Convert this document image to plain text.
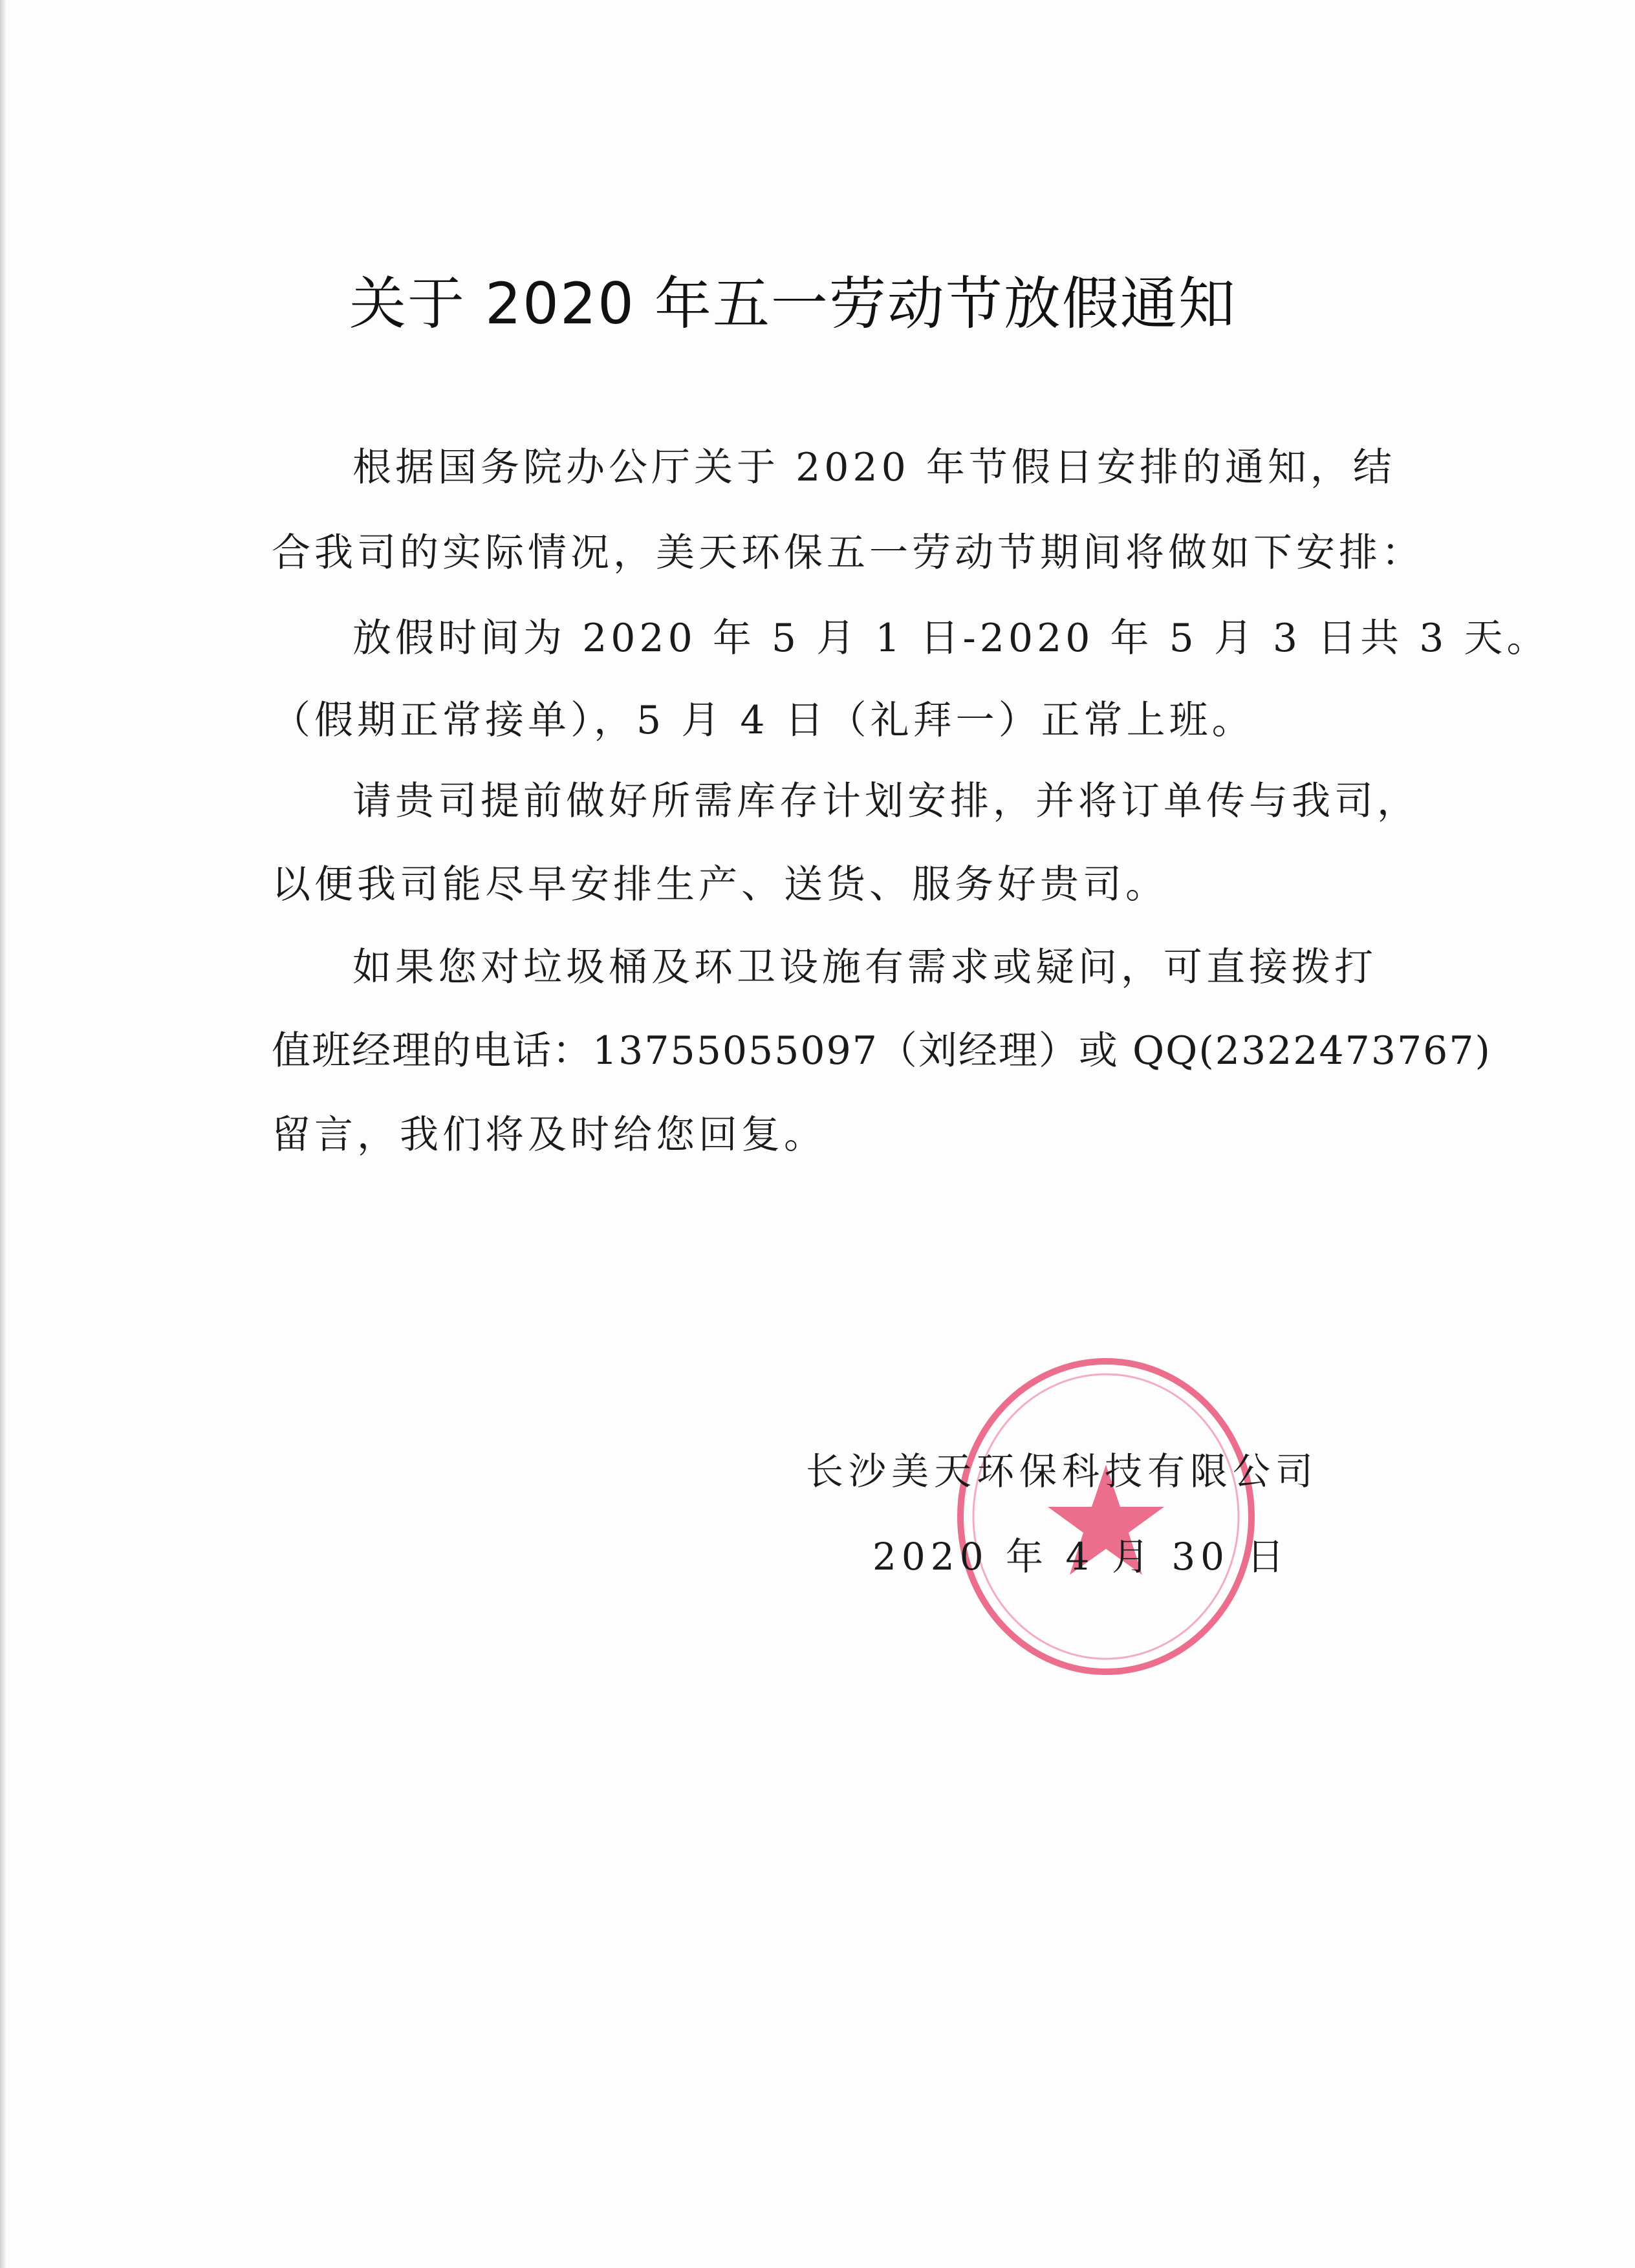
关于 2020 年五一劳动节放假通知
根据国务院办公厅关于 2020 年节假日安排的通知，结
合我司的实际情况，美天环保五一劳动节期间将做如下安排：
放假时间为 2020 年 5 月 1 日-2020 年 5 月 3 日共 3 天。
（假期正常接单），5 月 4 日（礼拜一）正常上班。
请贵司提前做好所需库存计划安排，并将订单传与我司，
以便我司能尽早安排生产、送货、服务好贵司。
如果您对垃圾桶及环卫设施有需求或疑问，可直接拨打
值班经理的电话：13755055097（刘经理）或 QQ(2322473767)
留言，我们将及时给您回复。
长沙美天环保科技有限公司
2020 年 4 月 30 日
